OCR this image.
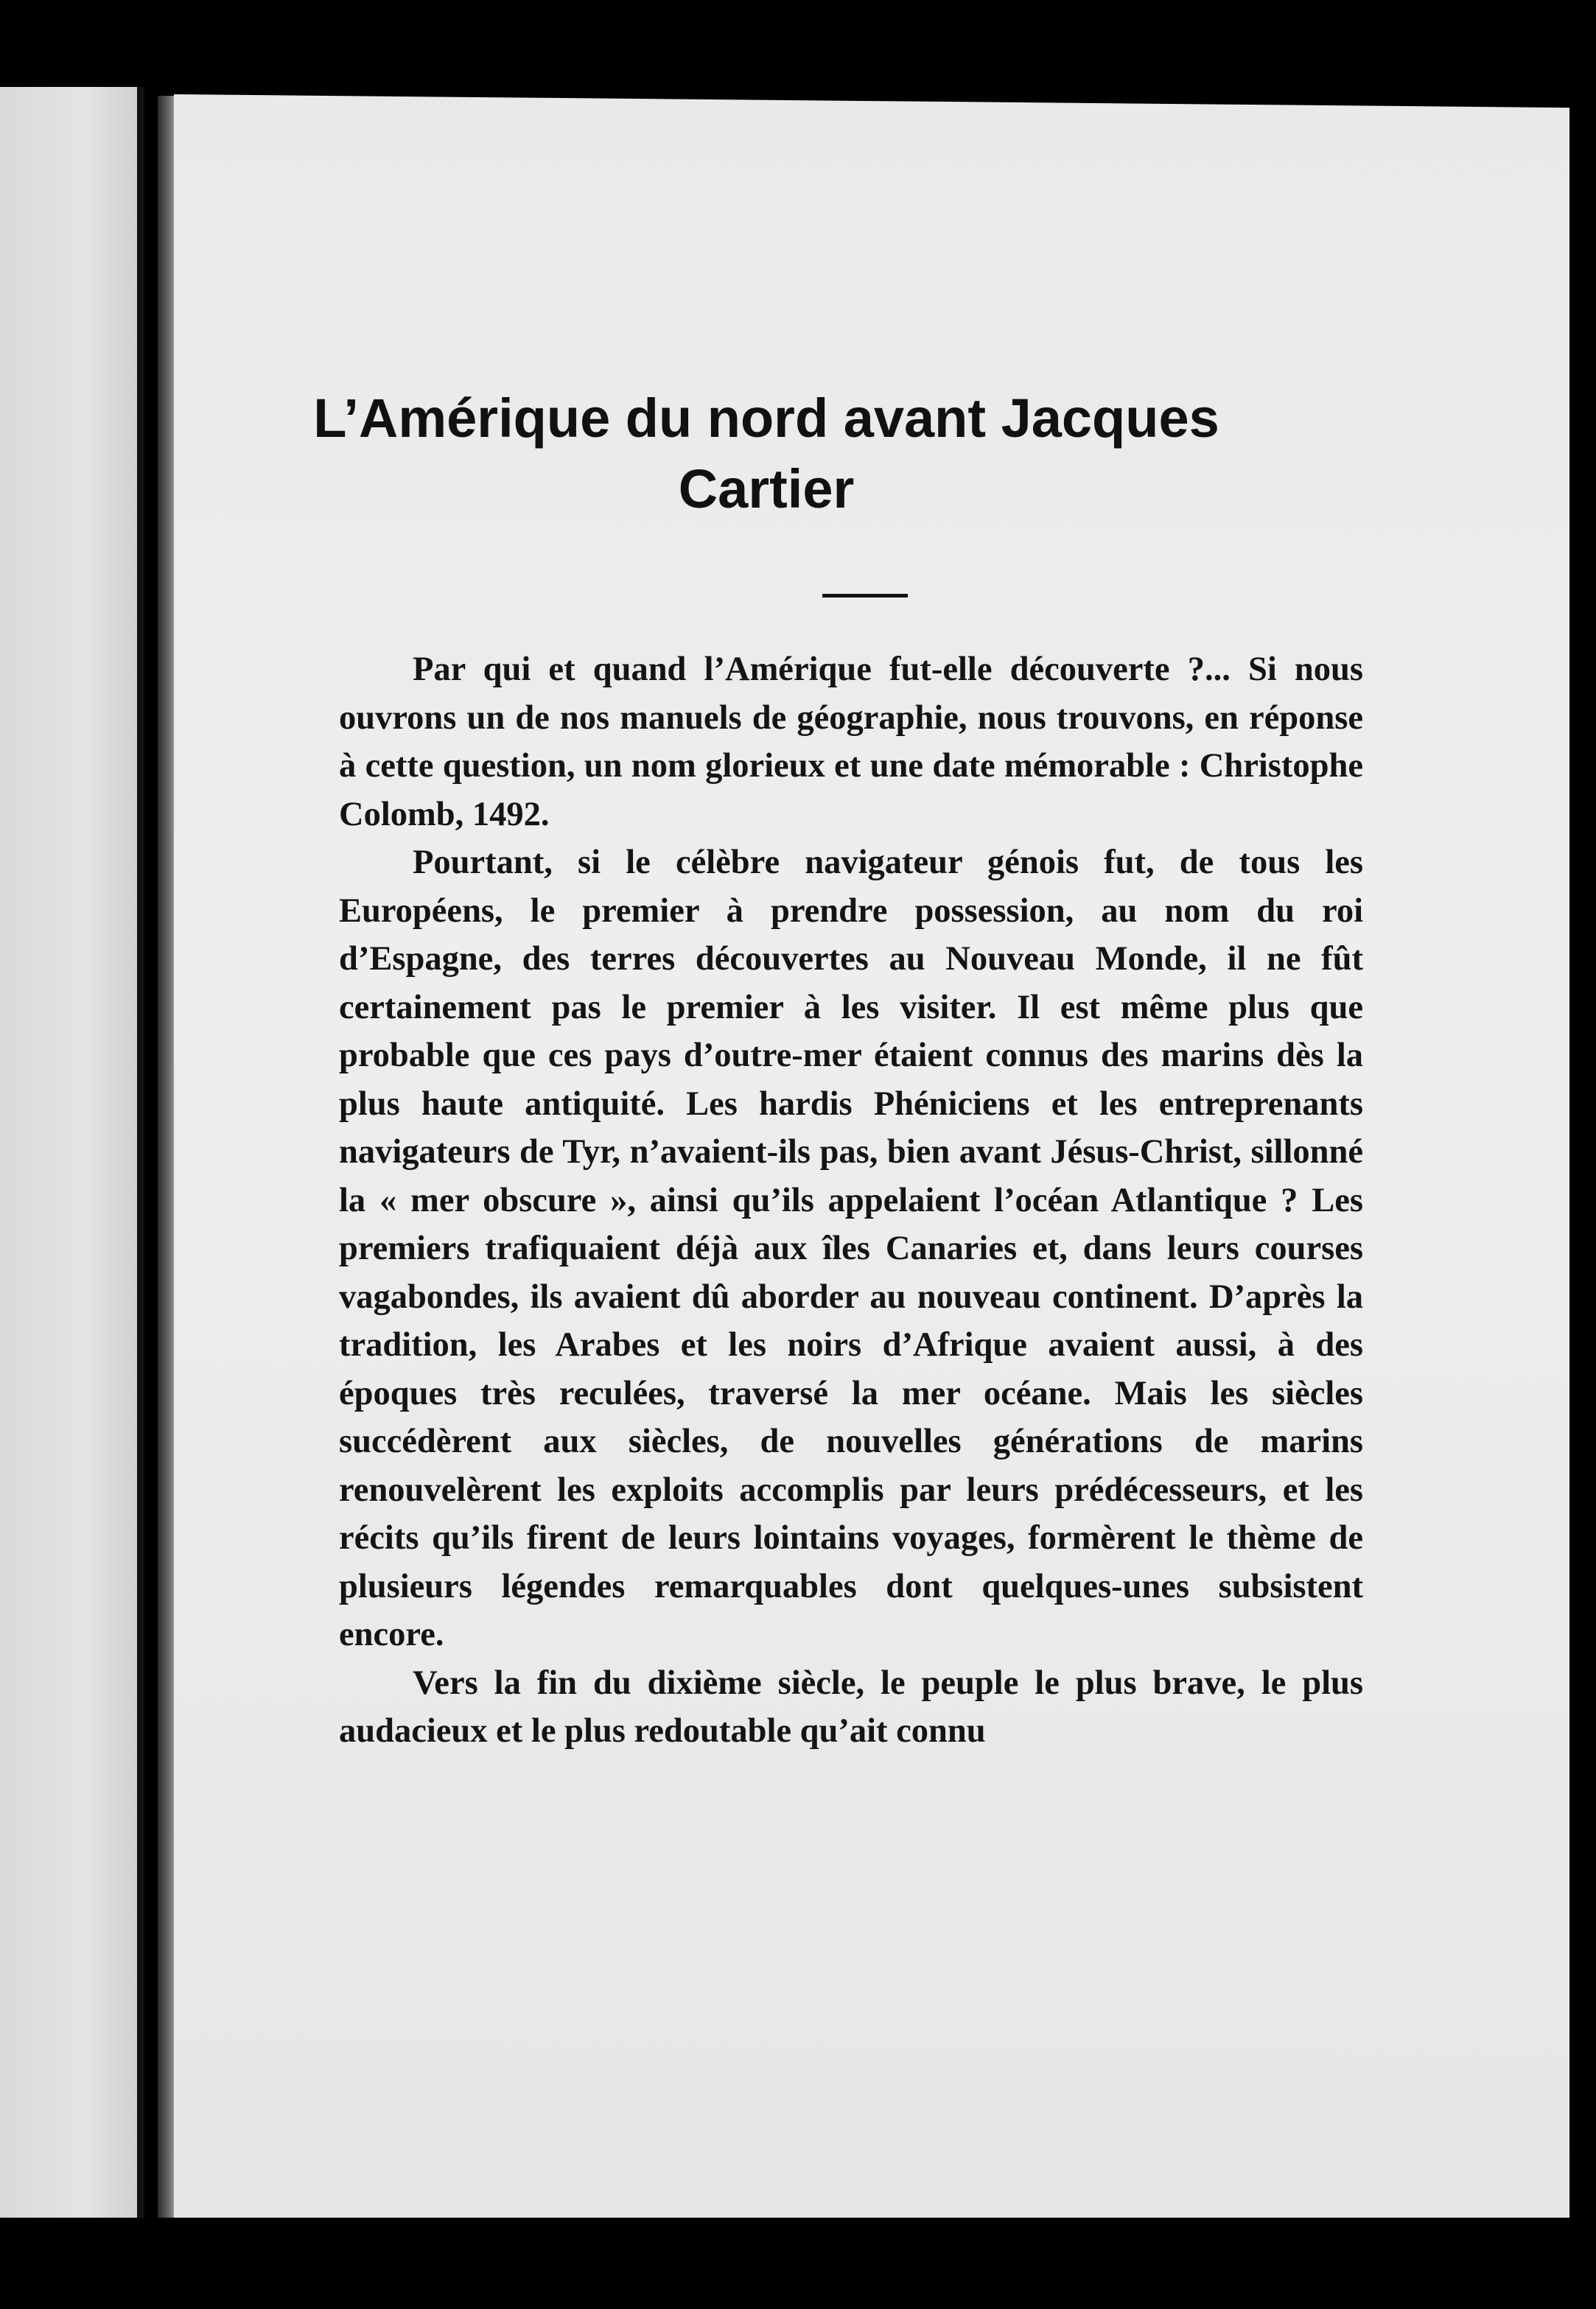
L’Amérique du nord avant Jacques
Cartier

Par qui et quand l’Amérique fut-elle découverte ?... Si nous ouvrons un de nos manuels de géographie, nous trouvons, en réponse à cette question, un nom glorieux et une date mémorable : Christophe Colomb, 1492.

Pourtant, si le célèbre navigateur génois fut, de tous les Européens, le premier à prendre possession, au nom du roi d’Espagne, des terres découvertes au Nouveau Monde, il ne fût certainement pas le premier à les visiter. Il est même plus que probable que ces pays d’outre-mer étaient connus des marins dès la plus haute antiquité. Les hardis Phéniciens et les entreprenants navigateurs de Tyr, n’avaient-ils pas, bien avant Jésus-Christ, sillonné la « mer obscure », ainsi qu’ils appelaient l’océan Atlantique ? Les premiers trafiquaient déjà aux îles Canaries et, dans leurs courses vagabondes, ils avaient dû aborder au nouveau continent. D’après la tradition, les Arabes et les noirs d’Afrique avaient aussi, à des époques très reculées, traversé la mer océane. Mais les siècles succédèrent aux siècles, de nouvelles générations de marins renouvelèrent les exploits accomplis par leurs prédécesseurs, et les récits qu’ils firent de leurs lointains voyages, formèrent le thème de plusieurs légendes remarquables dont quelques-unes subsistent encore.

Vers la fin du dixième siècle, le peuple le plus brave, le plus audacieux et le plus redoutable qu’ait connu
